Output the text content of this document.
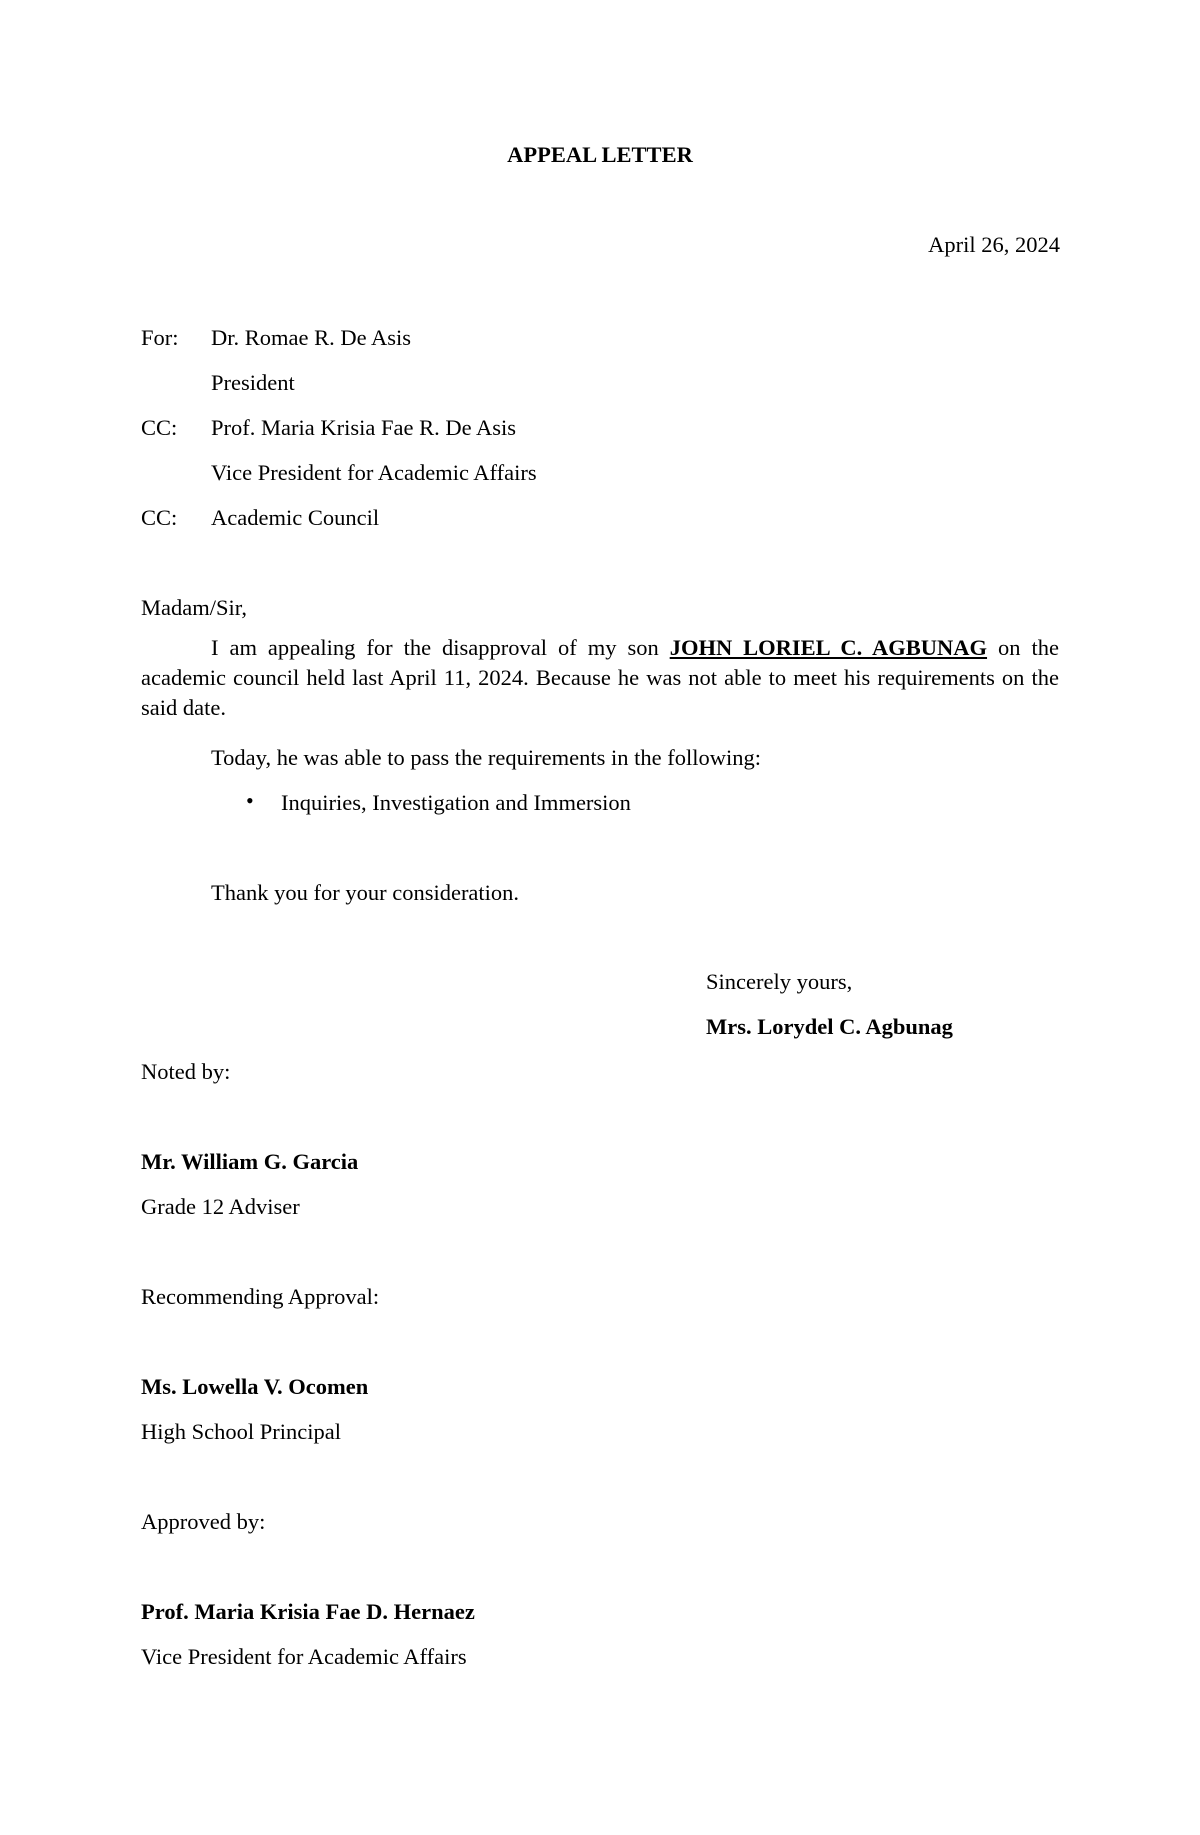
APPEAL LETTER
April 26, 2024
For: Dr. Romae R. De Asis
President
CC: Prof. Maria Krisia Fae R. De Asis
Vice President for Academic Affairs
CC: Academic Council
Madam/Sir,
I am appealing for the disapproval of my son JOHN LORIEL C. AGBUNAG on the academic council held last April 11, 2024. Because he was not able to meet his requirements on the said date.
Today, he was able to pass the requirements in the following:
• Inquiries, Investigation and Immersion
Thank you for your consideration.
Sincerely yours,
Mrs. Lorydel C. Agbunag
Noted by:
Mr. William G. Garcia
Grade 12 Adviser
Recommending Approval:
Ms. Lowella V. Ocomen
High School Principal
Approved by:
Prof. Maria Krisia Fae D. Hernaez
Vice President for Academic Affairs
